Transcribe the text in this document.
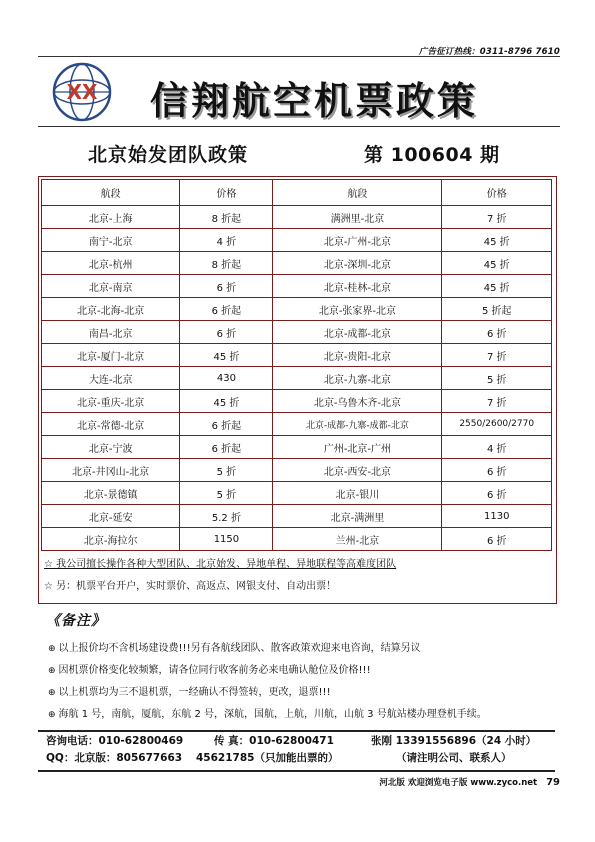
广告征订热线：0311-8796 7610
XX 信翔航空机票政策
北京始发团队政策	第 100604 期
航段	价格	航段	价格
北京-上海	8 折起	满洲里-北京	7 折
南宁-北京	4 折	北京-广州-北京	45 折
北京-杭州	8 折起	北京-深圳-北京	45 折
北京-南京	6 折	北京-桂林-北京	45 折
北京-北海-北京	6 折起	北京-张家界-北京	5 折起
南昌-北京	6 折	北京-成都-北京	6 折
北京-厦门-北京	45 折	北京-贵阳-北京	7 折
大连-北京	430	北京-九寨-北京	5 折
北京-重庆-北京	45 折	北京-乌鲁木齐-北京	7 折
北京-常德-北京	6 折起	北京-成都-九寨-成都-北京	2550/2600/2770
北京-宁波	6 折起	广州-北京-广州	4 折
北京-井冈山-北京	5 折	北京-西安-北京	6 折
北京-景德镇	5 折	北京-银川	6 折
北京-延安	5.2 折	北京-满洲里	1130
北京-海拉尔	1150	兰州-北京	6 折
☆ 我公司擅长操作各种大型团队、北京始发、异地单程、异地联程等高难度团队
☆ 另：机票平台开户，实时票价、高返点、网银支付、自动出票！
《备注》
⊕ 以上报价均不含机场建设费!!!另有各航线团队、散客政策欢迎来电咨询，结算另议
⊕ 因机票价格变化较频繁，请各位同行收客前务必来电确认舱位及价格!!!
⊕ 以上机票均为三不退机票，一经确认不得签转，更改，退票!!!
⊕ 海航 1 号，南航，厦航，东航 2 号，深航，国航，上航，川航，山航 3 号航站楼办理登机手续。
咨询电话：010-62800469	传 真：010-62800471	张刚 13391556896（24 小时）
QQ：北京版：805677663 45621785（只加能出票的）	（请注明公司、联系人）
河北版 欢迎浏览电子版 www.zyco.net 79
